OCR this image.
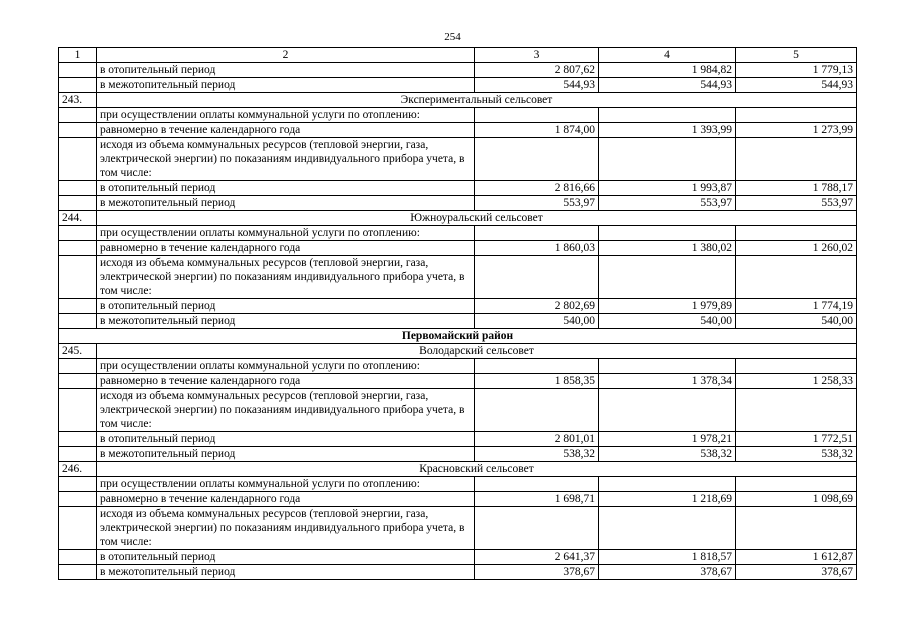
254
1	2	3	4	5
	в отопительный период	2 807,62	1 984,82	1 779,13
	в межотопительный период	544,93	544,93	544,93
243.	Экспериментальный сельсовет			
	при осуществлении оплаты коммунальной услуги по отоплению:			
	равномерно в течение календарного года	1 874,00	1 393,99	1 273,99
	исходя из объема коммунальных ресурсов (тепловой энергии, газа, электрической энергии) по показаниям индивидуального прибора учета, в том числе:			
	в отопительный период	2 816,66	1 993,87	1 788,17
	в межотопительный период	553,97	553,97	553,97
244.	Южноуральский сельсовет			
	при осуществлении оплаты коммунальной услуги по отоплению:			
	равномерно в течение календарного года	1 860,03	1 380,02	1 260,02
	исходя из объема коммунальных ресурсов (тепловой энергии, газа, электрической энергии) по показаниям индивидуального прибора учета, в том числе:			
	в отопительный период	2 802,69	1 979,89	1 774,19
	в межотопительный период	540,00	540,00	540,00
Первомайский район				
245.	Володарский сельсовет			
	при осуществлении оплаты коммунальной услуги по отоплению:			
	равномерно в течение календарного года	1 858,35	1 378,34	1 258,33
	исходя из объема коммунальных ресурсов (тепловой энергии, газа, электрической энергии) по показаниям индивидуального прибора учета, в том числе:			
	в отопительный период	2 801,01	1 978,21	1 772,51
	в межотопительный период	538,32	538,32	538,32
246.	Красновский сельсовет			
	при осуществлении оплаты коммунальной услуги по отоплению:			
	равномерно в течение календарного года	1 698,71	1 218,69	1 098,69
	исходя из объема коммунальных ресурсов (тепловой энергии, газа, электрической энергии) по показаниям индивидуального прибора учета, в том числе:			
	в отопительный период	2 641,37	1 818,57	1 612,87
	в межотопительный период	378,67	378,67	378,67
